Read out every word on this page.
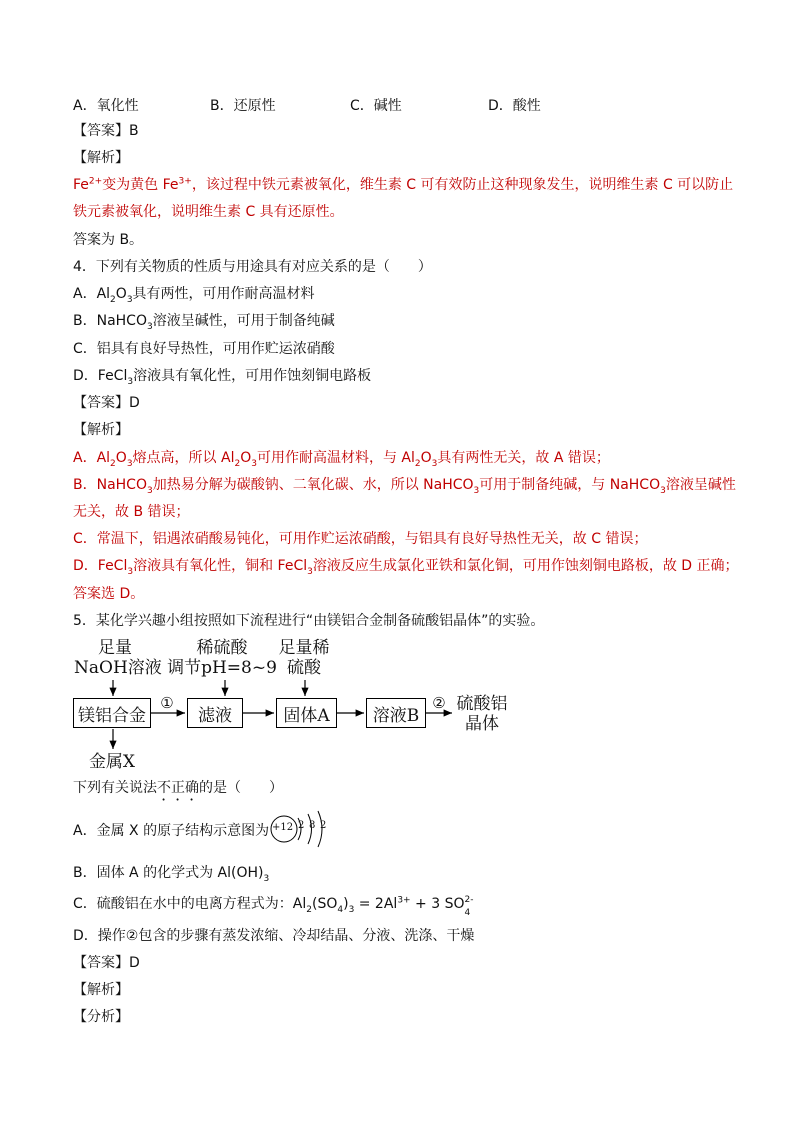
A．氧化性	B．还原性	C．碱性	D．酸性
【答案】B
【解析】
$Fe^{2+}$变为黄色 $Fe^{3+}$，该过程中铁元素被氧化，维生素 C 可有效防止这种现象发生，说明维生素 C 可以防止
铁元素被氧化，说明维生素 C 具有还原性。
答案为 B。
4．下列有关物质的性质与用途具有对应关系的是（　　）
A．$Al_2O_3$具有两性，可用作耐高温材料
B．NaHCO$_3$溶液呈碱性，可用于制备纯碱
C．铝具有良好导热性，可用作贮运浓硝酸
D．FeCl$_3$溶液具有氧化性，可用作蚀刻铜电路板
【答案】D
【解析】
A．$Al_2O_3$熔点高，所以 $Al_2O_3$可用作耐高温材料，与 $Al_2O_3$具有两性无关，故 A 错误；
B．NaHCO$_3$加热易分解为碳酸钠、二氧化碳、水，所以 NaHCO$_3$可用于制备纯碱，与 NaHCO$_3$溶液呈碱性
无关，故 B 错误；
C．常温下，铝遇浓硝酸易钝化，可用作贮运浓硝酸，与铝具有良好导热性无关，故 C 错误；
D．FeCl$_3$溶液具有氧化性，铜和 FeCl$_3$溶液反应生成氯化亚铁和氯化铜，可用作蚀刻铜电路板，故 D 正确；
答案选 D。
5．某化学兴趣小组按照如下流程进行“由镁铝合金制备硫酸铝晶体”的实验。
足量
NaOH溶液
稀硫酸
调节pH=8~9
足量稀
硫酸
镁铝合金
①
滤液	固体A	溶液B
② 硫酸铝
晶体
金属X
下列有关说法不正确的是（　　）
A．金属 X 的原子结构示意图为 +12 2 8 2
B．固体 A 的化学式为 $Al(OH)_3$
C．硫酸铝在水中的电离方程式为：$Al_2(SO_4)_3 = 2Al^{3+} + 3$ SO 2-
4
D．操作②包含的步骤有蒸发浓缩、冷却结晶、分液、洗涤、干燥
【答案】D
【解析】
【分析】
